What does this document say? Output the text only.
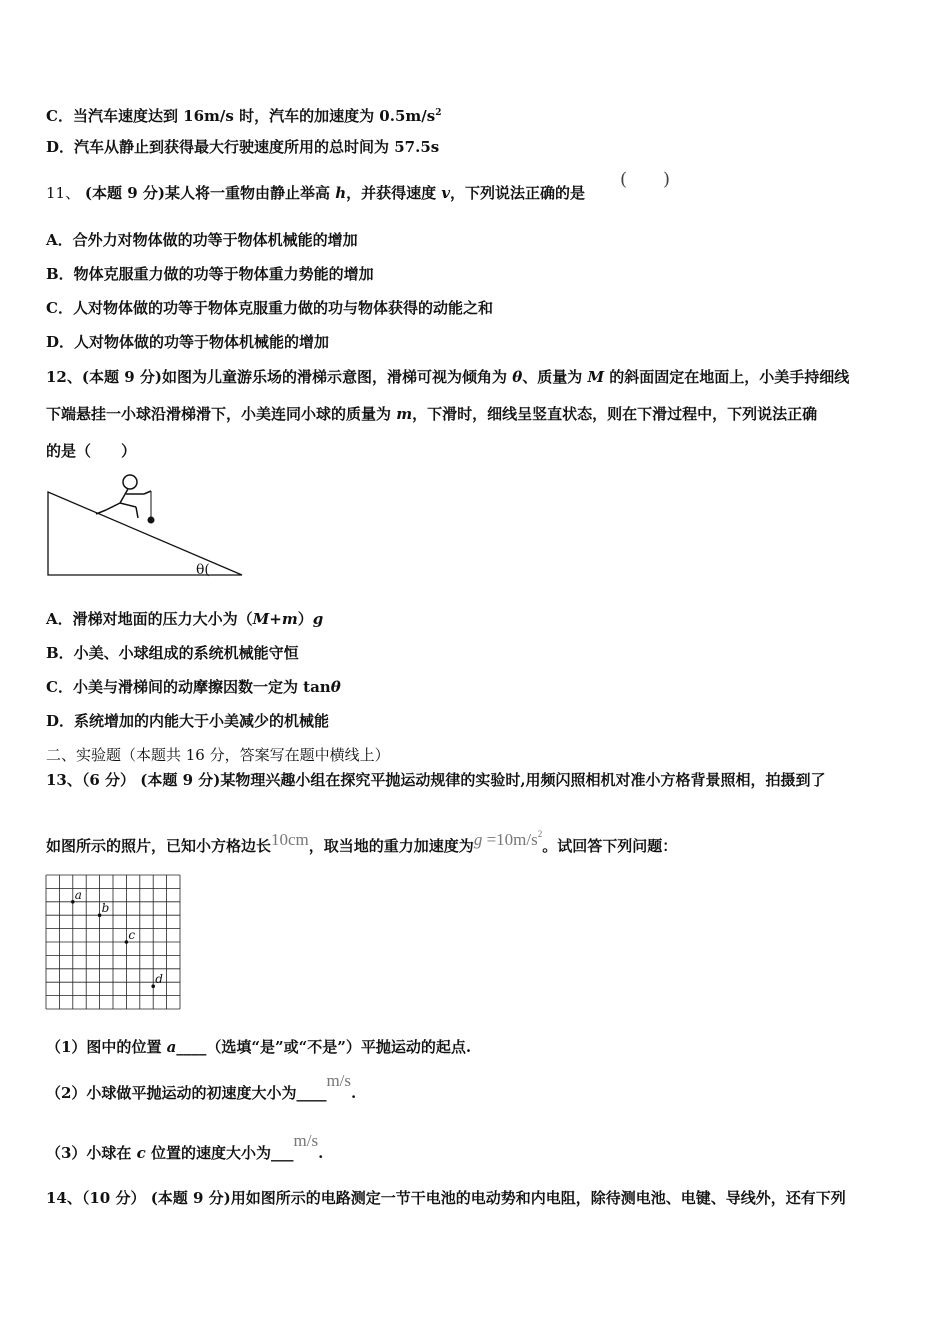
C．当汽车速度达到 16m/s 时，汽车的加速度为 $0.5m/s^2$
D．汽车从静止到获得最大行驶速度所用的总时间为 57.5s
11、 (本题 9 分)某人将一重物由静止举高 h，并获得速度 v，下列说法正确的是
(　　)
A．合外力对物体做的功等于物体机械能的增加
B．物体克服重力做的功等于物体重力势能的增加
C．人对物体做的功等于物体克服重力做的功与物体获得的动能之和
D．人对物体做的功等于物体机械能的增加
12、(本题 9 分)如图为儿童游乐场的滑梯示意图，滑梯可视为倾角为 θ、质量为 M 的斜面固定在地面上，小美手持细线
下端悬挂一小球沿滑梯滑下，小美连同小球的质量为 m，下滑时，细线呈竖直状态，则在下滑过程中，下列说法正确
的是（　　）
θ(
A．滑梯对地面的压力大小为（M+m）g
B．小美、小球组成的系统机械能守恒
C．小美与滑梯间的动摩擦因数一定为 tanθ
D．系统增加的内能大于小美减少的机械能
二、实验题（本题共 16 分，答案写在题中横线上）
13、（6 分） (本题 9 分)某物理兴趣小组在探究平抛运动规律的实验时,用频闪照相机对准小方格背景照相，拍摄到了
如图所示的照片，已知小方格边长10cm，取当地的重力加速度为$g =10m/s^2$。试回答下列问题：
a
b
c
d
（1）图中的位置 a____（选填“是”或“不是”）平抛运动的起点.
（2）小球做平抛运动的初速度大小为____m/s.
（3）小球在 c 位置的速度大小为___m/s.
14、（10 分） (本题 9 分)用如图所示的电路测定一节干电池的电动势和内电阻，除待测电池、电键、导线外，还有下列
